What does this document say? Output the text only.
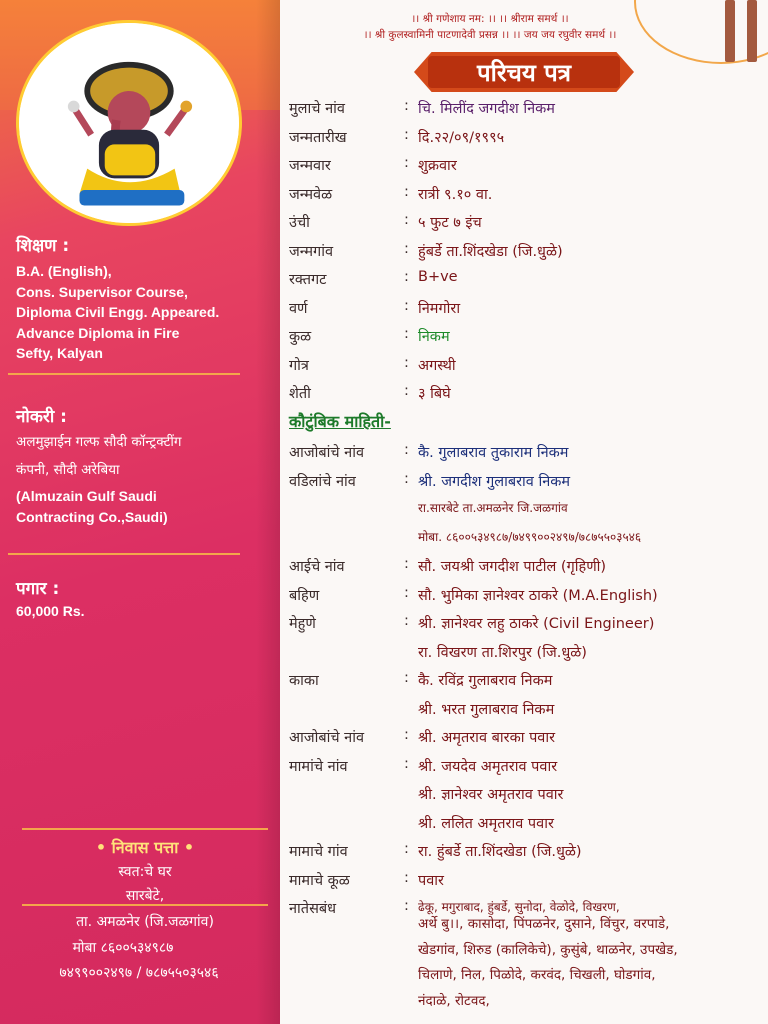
शिक्षण :
B.A. (English),
Cons. Supervisor Course,
Diploma Civil Engg. Appeared.
Advance Diploma in Fire
Sefty, Kalyan
नोकरी :
अलमुझाईन गल्फ सौदी कॉन्ट्रक्टींग
कंपनी, सौदी अरेबिया
(Almuzain Gulf Saudi
Contracting Co.,Saudi)
पगार :
60,000 Rs.
• निवास पत्ता •
स्वत:चे घर
सारबेटे,
ता. अमळनेर (जि.जळगांव)
मोबा ८६००५३४९८७
७४९९००२४९७ / ७८७५५०३५४६
।। श्री गणेशाय नम: ।। ।। श्रीराम समर्थ ।।
।। श्री कुलस्वामिनी पाटणादेवी प्रसन्न ।। ।। जय जय रघुवीर समर्थ ।।
परिचय पत्र
मुलाचे नांव	: चि. मिलींद जगदीश निकम
जन्मतारीख	: दि.२२/०९/१९९५
जन्मवार	: शुक्रवार
जन्मवेळ	: रात्री ९.१० वा.
उंची	: ५ फुट ७ इंच
जन्मगांव	: हुंबर्डे ता.शिंदखेडा (जि.धुळे)
रक्तगट	: B+ve
वर्ण	: निमगोरा
कुळ	: निकम
गोत्र	: अगस्थी
शेती	: ३ बिघे
कौटुंबिक माहिती-
आजोबांचे नांव	: कै. गुलाबराव तुकाराम निकम
वडिलांचे नांव	: श्री. जगदीश गुलाबराव निकम
रा.सारबेटे ता.अमळनेर जि.जळगांव
मोबा. ८६००५३४९८७/७४९९००२४९७/७८७५५०३५४६
आईचे नांव	: सौ. जयश्री जगदीश पाटील (गृहिणी)
बहिण	: सौ. भुमिका ज्ञानेश्वर ठाकरे (M.A.English)
मेहुणे	: श्री. ज्ञानेश्वर लहु ठाकरे (Civil Engineer)
रा. विखरण ता.शिरपुर (जि.धुळे)
काका	: कै. रविंद्र गुलाबराव निकम
श्री. भरत गुलाबराव निकम
आजोबांचे नांव	: श्री. अमृतराव बारका पवार
मामांचे नांव	: श्री. जयदेव अमृतराव पवार
श्री. ज्ञानेश्वर अमृतराव पवार
श्री. ललित अमृतराव पवार
मामाचे गांव	: रा. हुंबर्डे ता.शिंदखेडा (जि.धुळे)
मामाचे कूळ	: पवार
नातेसबंध	: ढेकू, मगुराबाद, हुंबर्डे, सुनोदा, वेळोदे, विखरण,
अर्थे बु।।, कासोदा, पिंपळनेर, दुसाने, विंचुर, वरपाडे,
खेडगांव, शिरुड (कालिकेचे), कुसुंबे, थाळनेर, उपखेड,
चिलाणे, निल, पिळोदे, करवंद, चिखली, घोडगांव,
नंदाळे, रोटवद,
